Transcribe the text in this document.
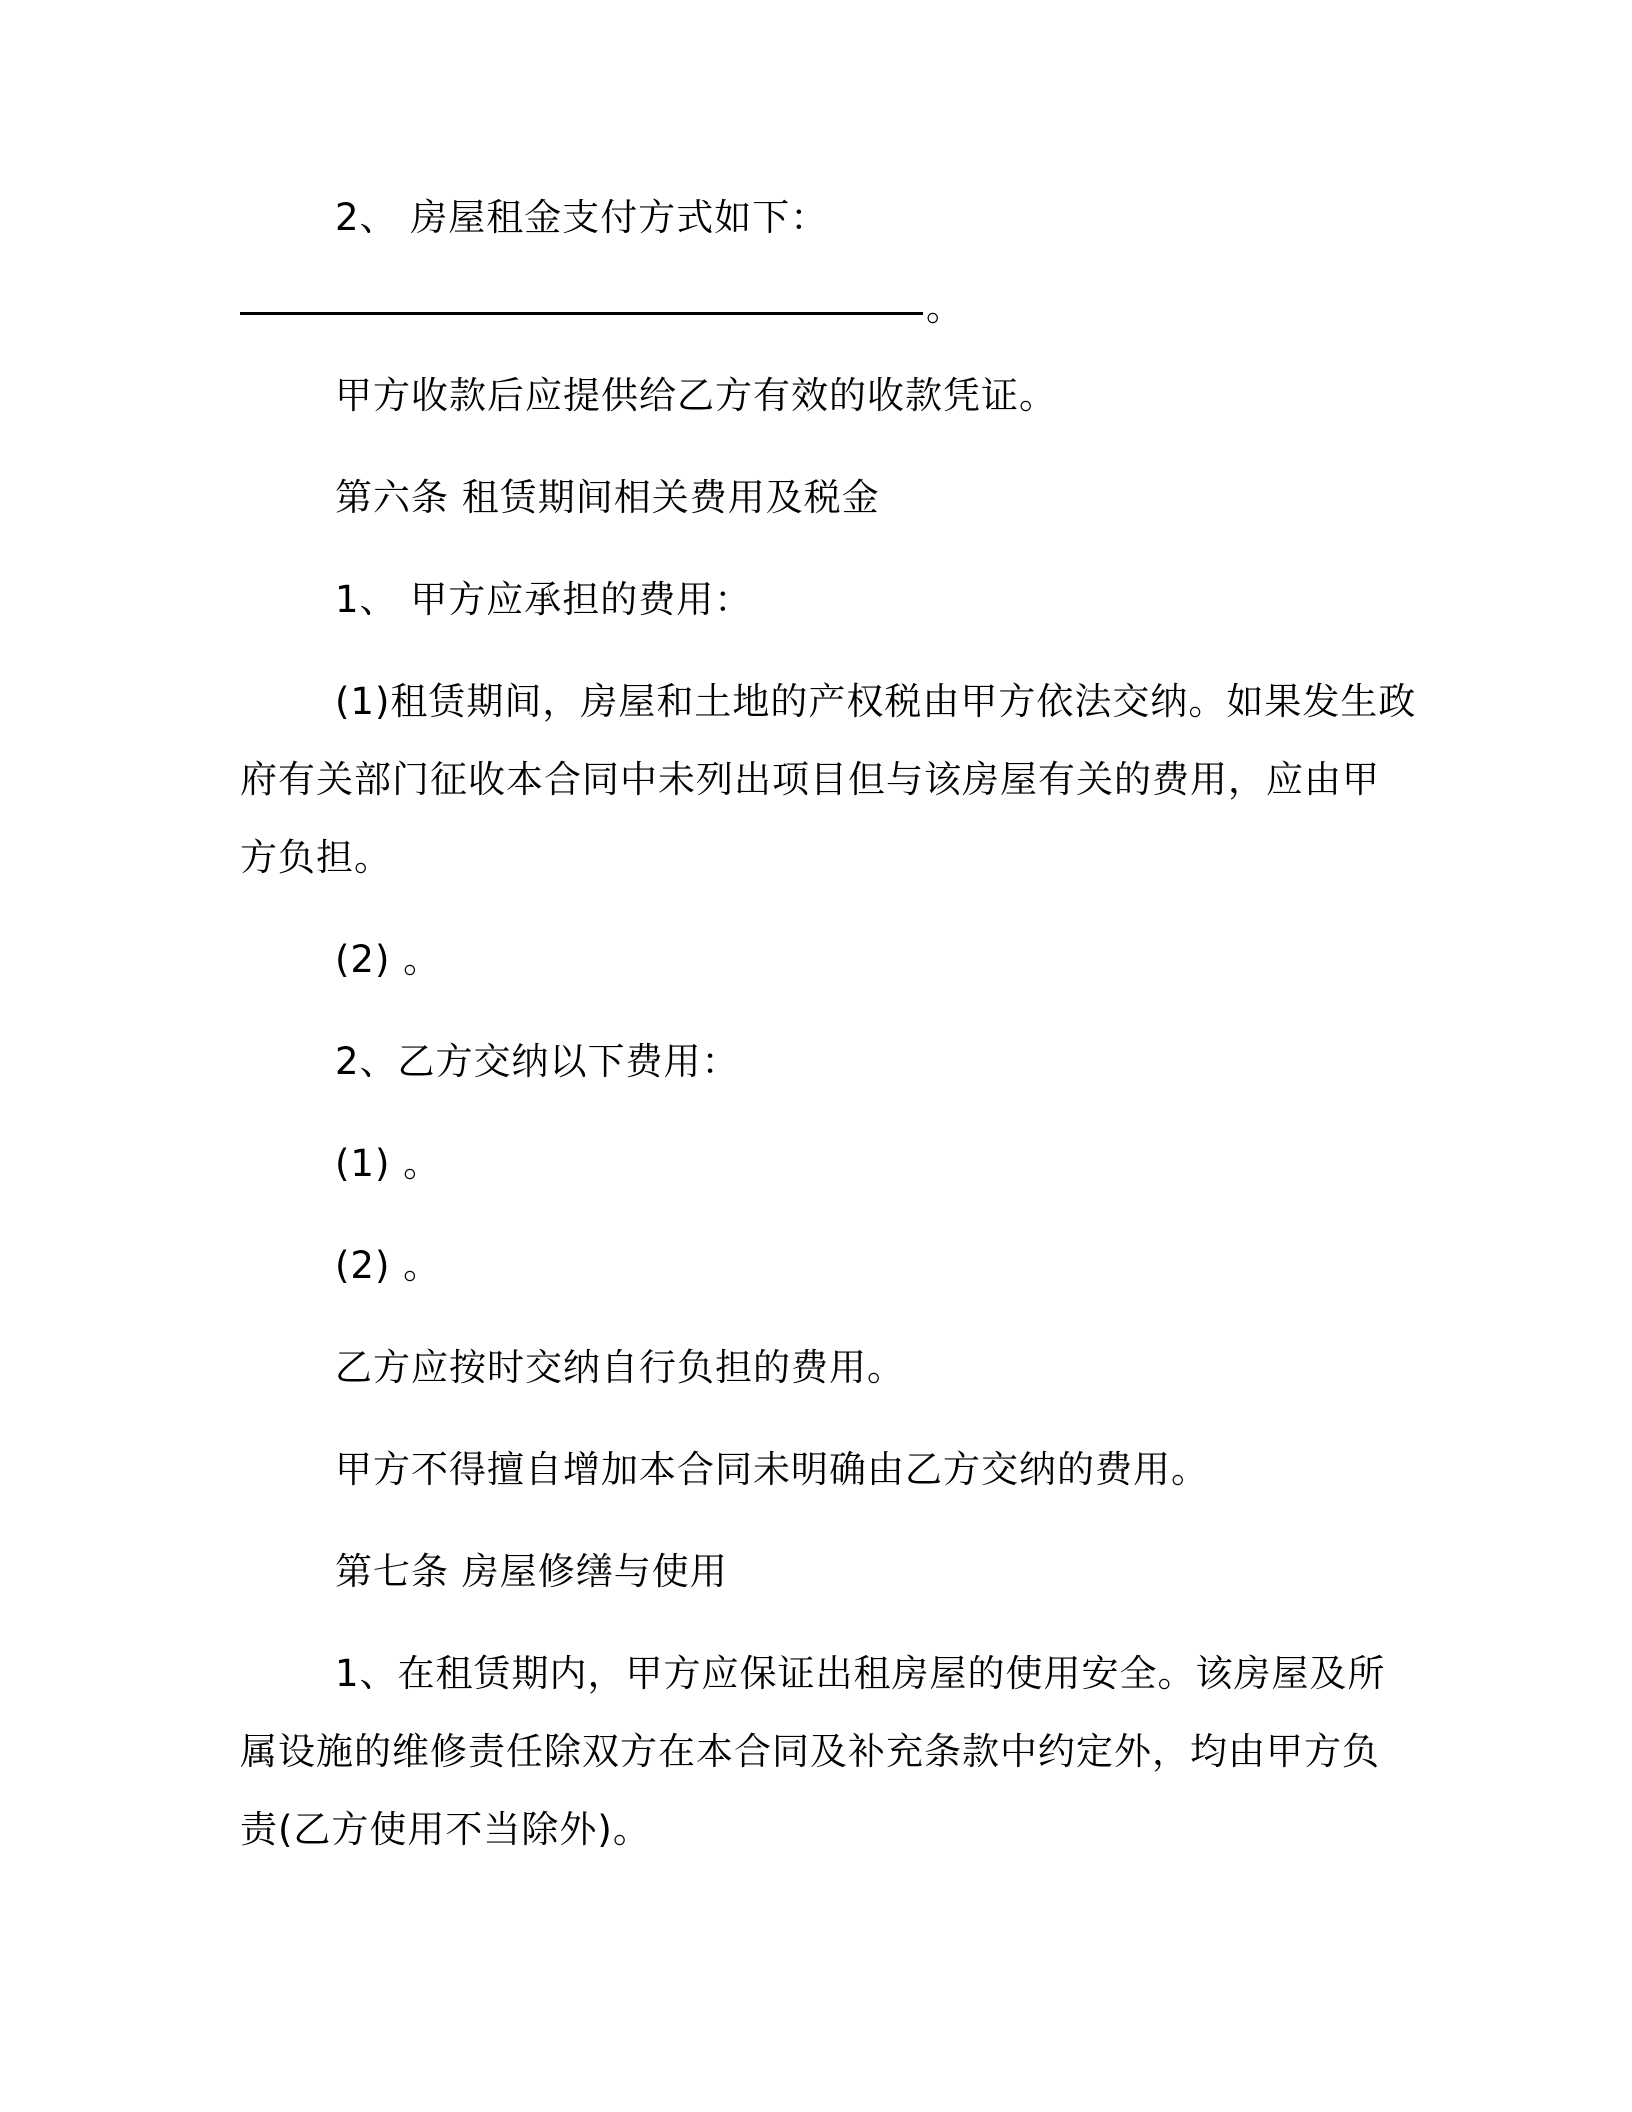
2、 房屋租金支付方式如下：
。
甲方收款后应提供给乙方有效的收款凭证。
第六条 租赁期间相关费用及税金
1、 甲方应承担的费用：
(1)租赁期间，房屋和土地的产权税由甲方依法交纳。如果发生政
府有关部门征收本合同中未列出项目但与该房屋有关的费用，应由甲
方负担。
(2) 。
2、乙方交纳以下费用：
(1) 。
(2) 。
乙方应按时交纳自行负担的费用。
甲方不得擅自增加本合同未明确由乙方交纳的费用。
第七条 房屋修缮与使用
1、在租赁期内，甲方应保证出租房屋的使用安全。该房屋及所
属设施的维修责任除双方在本合同及补充条款中约定外，均由甲方负
责(乙方使用不当除外)。
